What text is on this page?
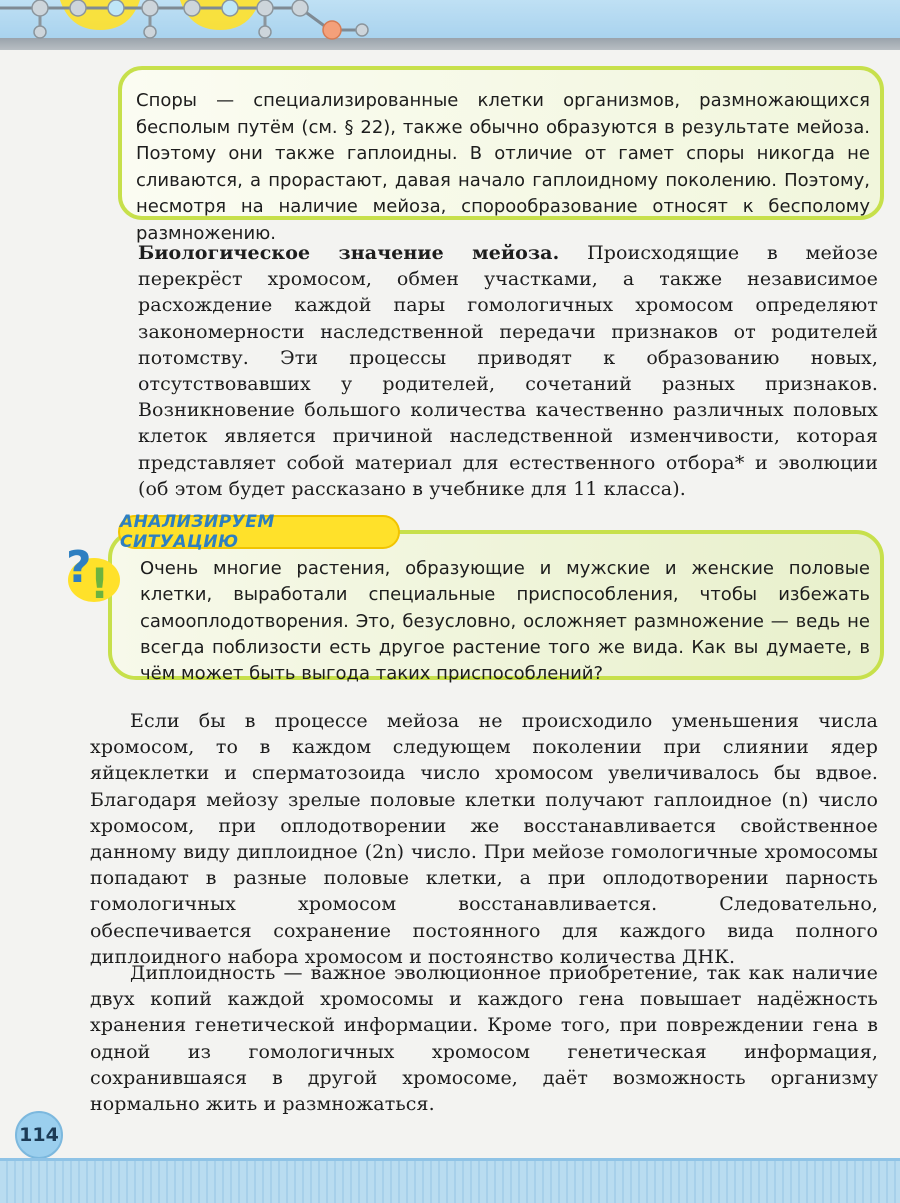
Споры — специализированные клетки организмов, размножающихся бесполым путём (см. § 22), также обычно образуются в результате мейоза. Поэтому они также гаплоидны. В отличие от гамет споры никогда не сливаются, а прорастают, давая начало гаплоидному поколению. Поэтому, несмотря на наличие мейоза, спорообразование относят к бесполому размножению.

Биологическое значение мейоза. Происходящие в мейозе перекрёст хромосом, обмен участками, а также независимое расхождение каждой пары гомологичных хромосом определяют закономерности наследственной передачи признаков от родителей потомству. Эти процессы приводят к образованию новых, отсутствовавших у родителей, сочетаний разных признаков. Возникновение большого количества качественно различных половых клеток является причиной наследственной изменчивости, которая представляет собой материал для естественного отбора* и эволюции (об этом будет рассказано в учебнике для 11 класса).

Очень многие растения, образующие и мужские и женские половые клетки, выработали специальные приспособления, чтобы избежать самооплодотворения. Это, безусловно, осложняет размножение — ведь не всегда поблизости есть другое растение того же вида. Как вы думаете, в чём может быть выгода таких приспособлений?

АНАЛИЗИРУЕМ СИТУАЦИЮ
?
!

Если бы в процессе мейоза не происходило уменьшения числа хромосом, то в каждом следующем поколении при слиянии ядер яйцеклетки и сперматозоида число хромосом увеличивалось бы вдвое. Благодаря мейозу зрелые половые клетки получают гаплоидное (n) число хромосом, при оплодотворении же восстанавливается свойственное данному виду диплоидное (2n) число. При мейозе гомологичные хромосомы попадают в разные половые клетки, а при оплодотворении парность гомологичных хромосом восстанавливается. Следовательно, обеспечивается сохранение постоянного для каждого вида полного диплоидного набора хромосом и постоянство количества ДНК.

Диплоидность — важное эволюционное приобретение, так как наличие двух копий каждой хромосомы и каждого гена повышает надёжность хранения генетической информации. Кроме того, при повреждении гена в одной из гомологичных хромосом генетическая информация, сохранившаяся в другой хромосоме, даёт возможность организму нормально жить и размножаться.

114
